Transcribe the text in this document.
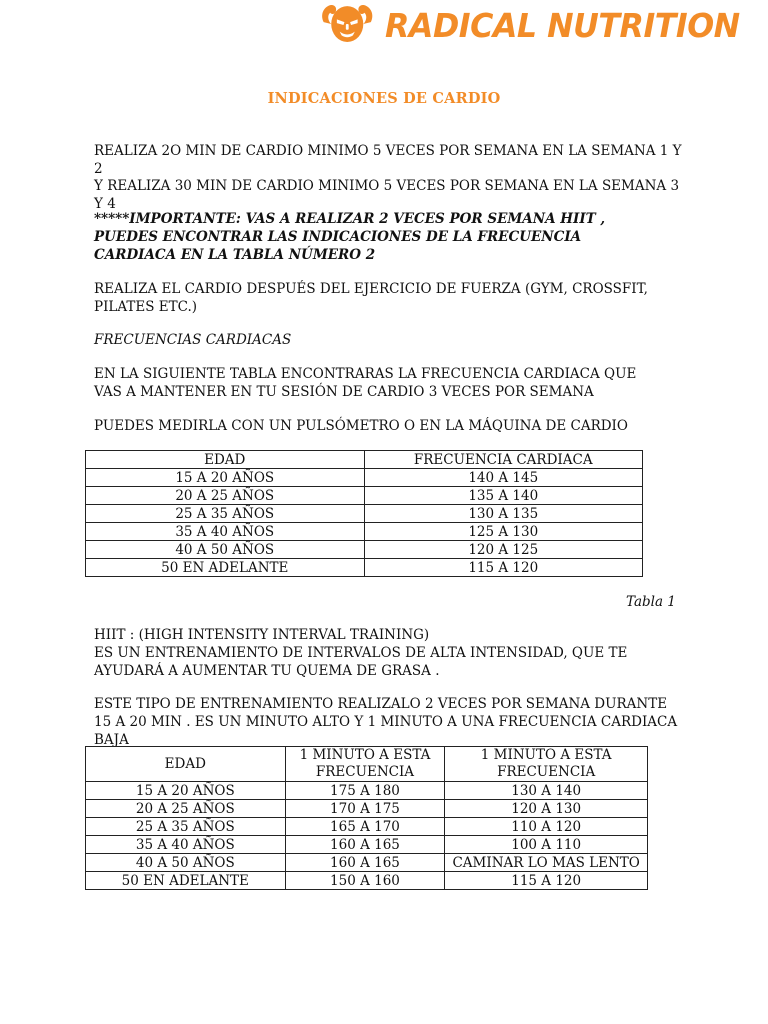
RADICAL NUTRITION
INDICACIONES DE CARDIO

REALIZA 2O MIN DE CARDIO MINIMO 5 VECES POR SEMANA EN LA SEMANA 1 Y 2

Y REALIZA 30 MIN DE CARDIO MINIMO 5 VECES POR SEMANA EN LA SEMANA 3 Y 4

*****IMPORTANTE: VAS A REALIZAR 2 VECES POR SEMANA HIIT , PUEDES ENCONTRAR LAS INDICACIONES DE LA FRECUENCIA CARDIACA EN LA TABLA NÚMERO 2

REALIZA EL CARDIO DESPUÉS DEL EJERCICIO DE FUERZA (GYM, CROSSFIT, PILATES ETC.)

FRECUENCIAS CARDIACAS

EN LA SIGUIENTE TABLA ENCONTRARAS LA FRECUENCIA CARDIACA QUE VAS A MANTENER EN TU SESIÓN DE CARDIO 3 VECES POR SEMANA

PUEDES MEDIRLA CON UN PULSÓMETRO O EN LA MÁQUINA DE CARDIO

EDAD	FRECUENCIA CARDIACA
15 A 20 AÑOS	140 A 145
20 A 25 AÑOS	135 A 140
25 A 35 AÑOS	130 A 135
35 A 40 AÑOS	125 A 130
40 A 50 AÑOS	120 A 125
50 EN ADELANTE	115 A 120
Tabla 1

HIIT : (HIGH INTENSITY INTERVAL TRAINING)

ES UN ENTRENAMIENTO DE INTERVALOS DE ALTA INTENSIDAD, QUE TE AYUDARÁ A AUMENTAR TU QUEMA DE GRASA .

ESTE TIPO DE ENTRENAMIENTO REALIZALO 2 VECES POR SEMANA DURANTE 15 A 20 MIN . ES UN MINUTO ALTO Y 1 MINUTO A UNA FRECUENCIA CARDIACA BAJA

EDAD	1 MINUTO A ESTA FRECUENCIA	1 MINUTO A ESTA FRECUENCIA
15 A 20 AÑOS	175 A 180	130 A 140
20 A 25 AÑOS	170 A 175	120 A 130
25 A 35 AÑOS	165 A 170	110 A 120
35 A 40 AÑOS	160 A 165	100 A 110
40 A 50 AÑOS	160 A 165	CAMINAR LO MAS LENTO
50 EN ADELANTE	150 A 160	115 A 120
